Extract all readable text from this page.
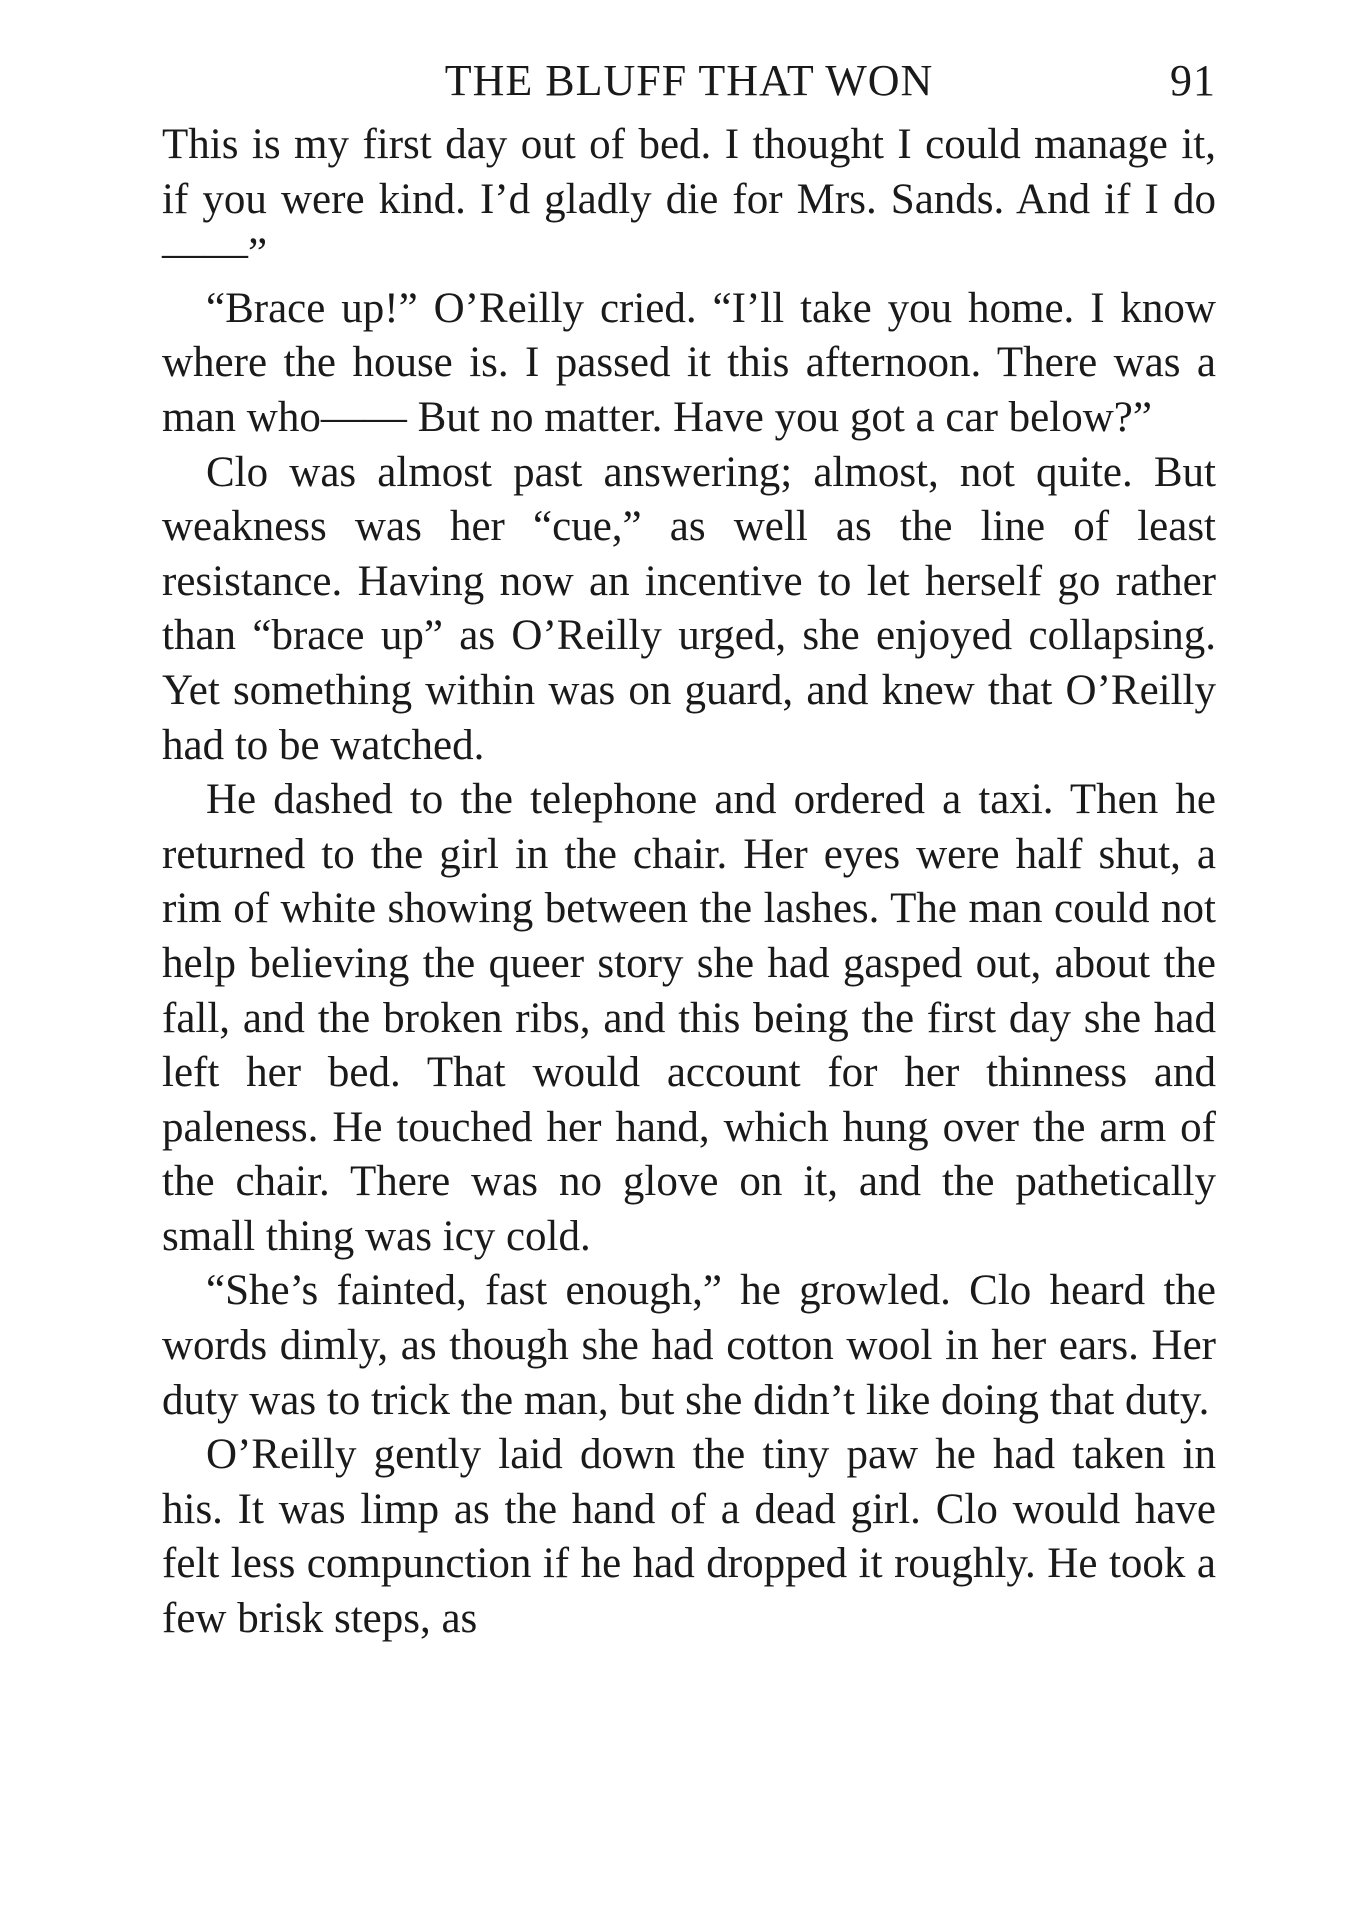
THE BLUFF THAT WON	91

This is my first day out of bed. I thought I could manage it, if you were kind. I’d gladly die for Mrs. Sands. And if I do——”

“Brace up!” O’Reilly cried. “I’ll take you home. I know where the house is. I passed it this afternoon. There was a man who—— But no matter. Have you got a car below?”

Clo was almost past answering; almost, not quite. But weakness was her “cue,” as well as the line of least resistance. Having now an incentive to let herself go rather than “brace up” as O’Reilly urged, she enjoyed collapsing. Yet something within was on guard, and knew that O’Reilly had to be watched.

He dashed to the telephone and ordered a taxi. Then he returned to the girl in the chair. Her eyes were half shut, a rim of white showing between the lashes. The man could not help believing the queer story she had gasped out, about the fall, and the broken ribs, and this being the first day she had left her bed. That would account for her thinness and paleness. He touched her hand, which hung over the arm of the chair. There was no glove on it, and the pathetically small thing was icy cold.

“She’s fainted, fast enough,” he growled. Clo heard the words dimly, as though she had cotton wool in her ears. Her duty was to trick the man, but she didn’t like doing that duty.

O’Reilly gently laid down the tiny paw he had taken in his. It was limp as the hand of a dead girl. Clo would have felt less compunction if he had dropped it roughly. He took a few brisk steps, as
